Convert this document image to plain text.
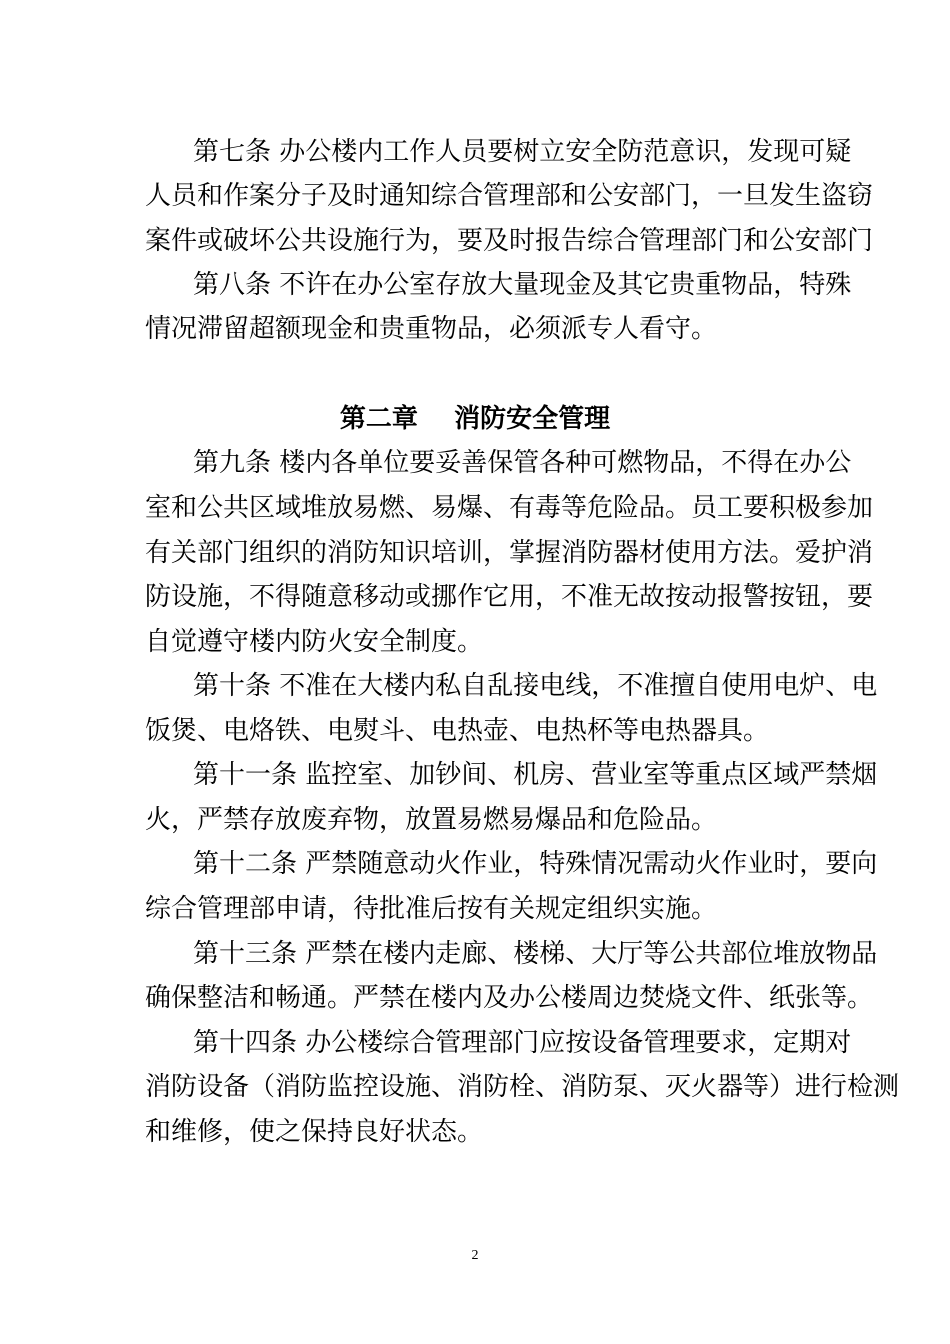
第七条 办公楼内工作人员要树立安全防范意识，发现可疑
人员和作案分子及时通知综合管理部和公安部门，一旦发生盗窃
案件或破坏公共设施行为，要及时报告综合管理部门和公安部门
第八条 不许在办公室存放大量现金及其它贵重物品，特殊
情况滞留超额现金和贵重物品，必须派专人看守。
第二章    消防安全管理
第九条 楼内各单位要妥善保管各种可燃物品，不得在办公
室和公共区域堆放易燃、易爆、有毒等危险品。员工要积极参加
有关部门组织的消防知识培训，掌握消防器材使用方法。爱护消
防设施，不得随意移动或挪作它用，不准无故按动报警按钮，要
自觉遵守楼内防火安全制度。
第十条 不准在大楼内私自乱接电线，不准擅自使用电炉、电
饭煲、电烙铁、电熨斗、电热壶、电热杯等电热器具。
第十一条 监控室、加钞间、机房、营业室等重点区域严禁烟
火，严禁存放废弃物，放置易燃易爆品和危险品。
第十二条 严禁随意动火作业，特殊情况需动火作业时，要向
综合管理部申请，待批准后按有关规定组织实施。
第十三条 严禁在楼内走廊、楼梯、大厅等公共部位堆放物品
确保整洁和畅通。严禁在楼内及办公楼周边焚烧文件、纸张等。
第十四条 办公楼综合管理部门应按设备管理要求，定期对
消防设备（消防监控设施、消防栓、消防泵、灭火器等）进行检测
和维修，使之保持良好状态。
2
